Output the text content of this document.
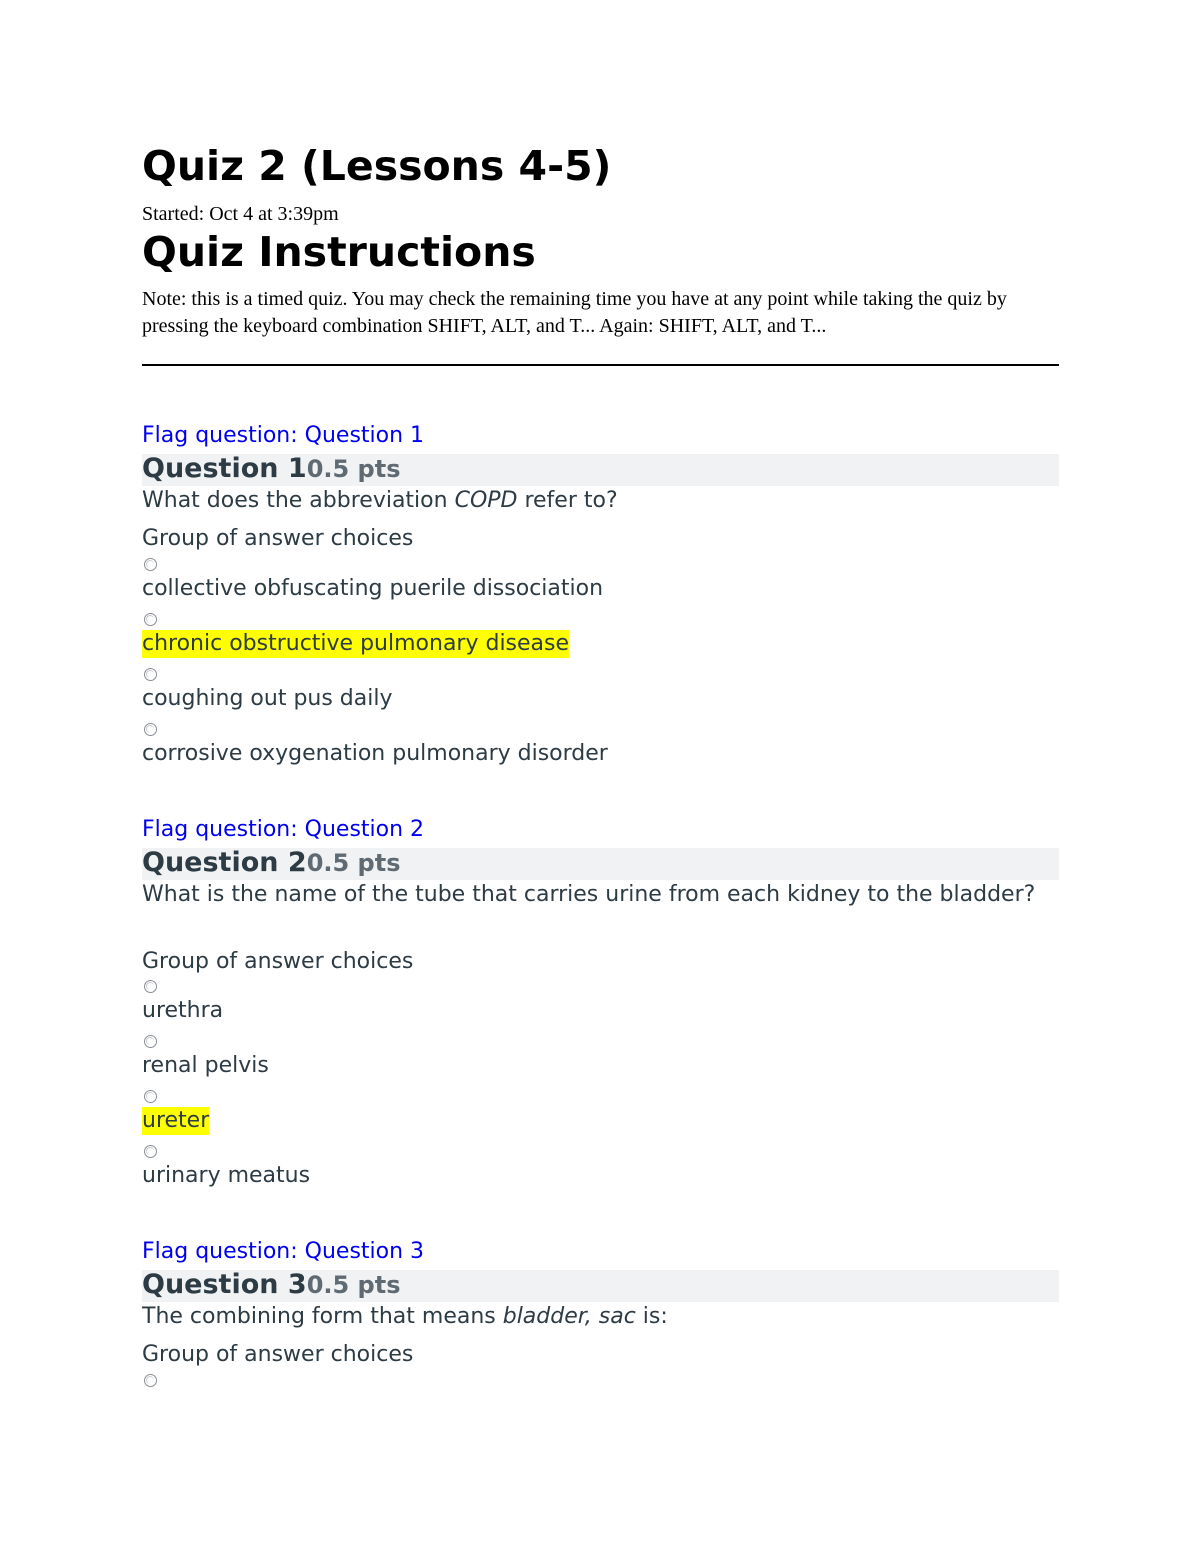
Quiz 2 (Lessons 4-5)
Started: Oct 4 at 3:39pm
Quiz Instructions
Note: this is a timed quiz. You may check the remaining time you have at any point while taking the quiz by pressing the keyboard combination SHIFT, ALT, and T... Again: SHIFT, ALT, and T...
Flag question: Question 1
Question 10.5 pts
What does the abbreviation COPD refer to?
Group of answer choices
collective obfuscating puerile dissociation
chronic obstructive pulmonary disease
coughing out pus daily
corrosive oxygenation pulmonary disorder
Flag question: Question 2
Question 20.5 pts
What is the name of the tube that carries urine from each kidney to the bladder?
Group of answer choices
urethra
renal pelvis
ureter
urinary meatus
Flag question: Question 3
Question 30.5 pts
The combining form that means bladder, sac is:
Group of answer choices
